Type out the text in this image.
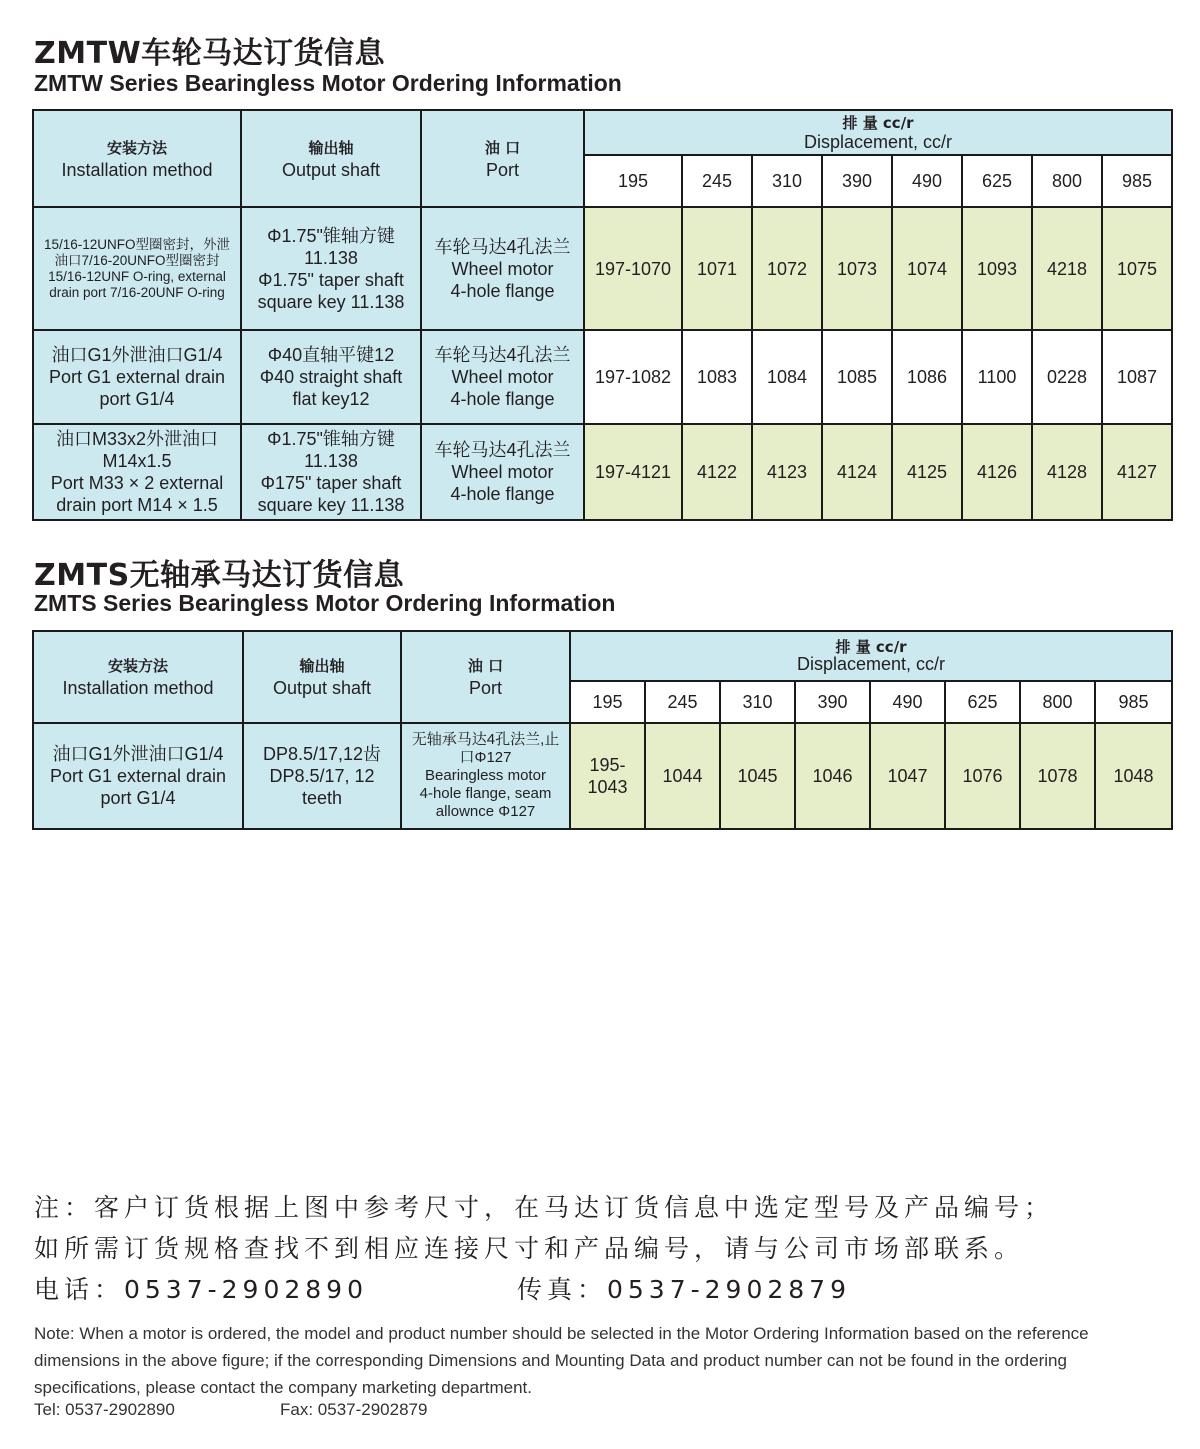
ZMTW车轮马达订货信息
ZMTW Series Bearingless Motor Ordering Information
安装方法
Installation method	输出轴
Output shaft	油 口
Port	排 量 cc/r
Displacement, cc/r							

			195	245	310	390	490	625	800	985

15/16-12UNFO型圈密封，外泄
油口7/16-20UNFO型圈密封
15/16-12UNF O-ring, external
drain port 7/16-20UNF O-ring	Φ1.75"锥轴方键
11.138
Φ1.75" taper shaft
square key 11.138	车轮马达4孔法兰
Wheel motor
4-hole flange	197-1070	1071	1072	1073	1074	1093	4218	1075

油口G1外泄油口G1/4
Port G1 external drain
port G1/4	Φ40直轴平键12
Φ40 straight shaft
flat key12	车轮马达4孔法兰
Wheel motor
4-hole flange	197-1082	1083	1084	1085	1086	1100	0228	1087

油口M33x2外泄油口
M14x1.5
Port M33 × 2 external
drain port M14 × 1.5	Φ1.75"锥轴方键
11.138
Φ175" taper shaft
square key 11.138	车轮马达4孔法兰
Wheel motor
4-hole flange	197-4121	4122	4123	4124	4125	4126	4128	4127
ZMTS无轴承马达订货信息
ZMTS Series Bearingless Motor Ordering Information
安装方法
Installation method	输出轴
Output shaft	油 口
Port	排 量 cc/r
Displacement, cc/r							

			195	245	310	390	490	625	800	985

油口G1外泄油口G1/4
Port G1 external drain
port G1/4	DP8.5/17,12齿
DP8.5/17, 12
teeth	无轴承马达4孔法兰,止
口Φ127
Bearingless motor
4-hole flange, seam
allownce Φ127	195-
1043	1044	1045	1046	1047	1076	1078	1048
注：客户订货根据上图中参考尺寸，在马达订货信息中选定型号及产品编号；
如所需订货规格查找不到相应连接尺寸和产品编号，请与公司市场部联系。
电话：0537-2902890	传真：0537-2902879
Note: When a motor is ordered, the model and product number should be selected in the Motor Ordering Information based on the reference dimensions in the above figure; if the corresponding Dimensions and Mounting Data and product number can not be found in the ordering specifications, please contact the company marketing department.
Tel: 0537-2902890	Fax: 0537-2902879
